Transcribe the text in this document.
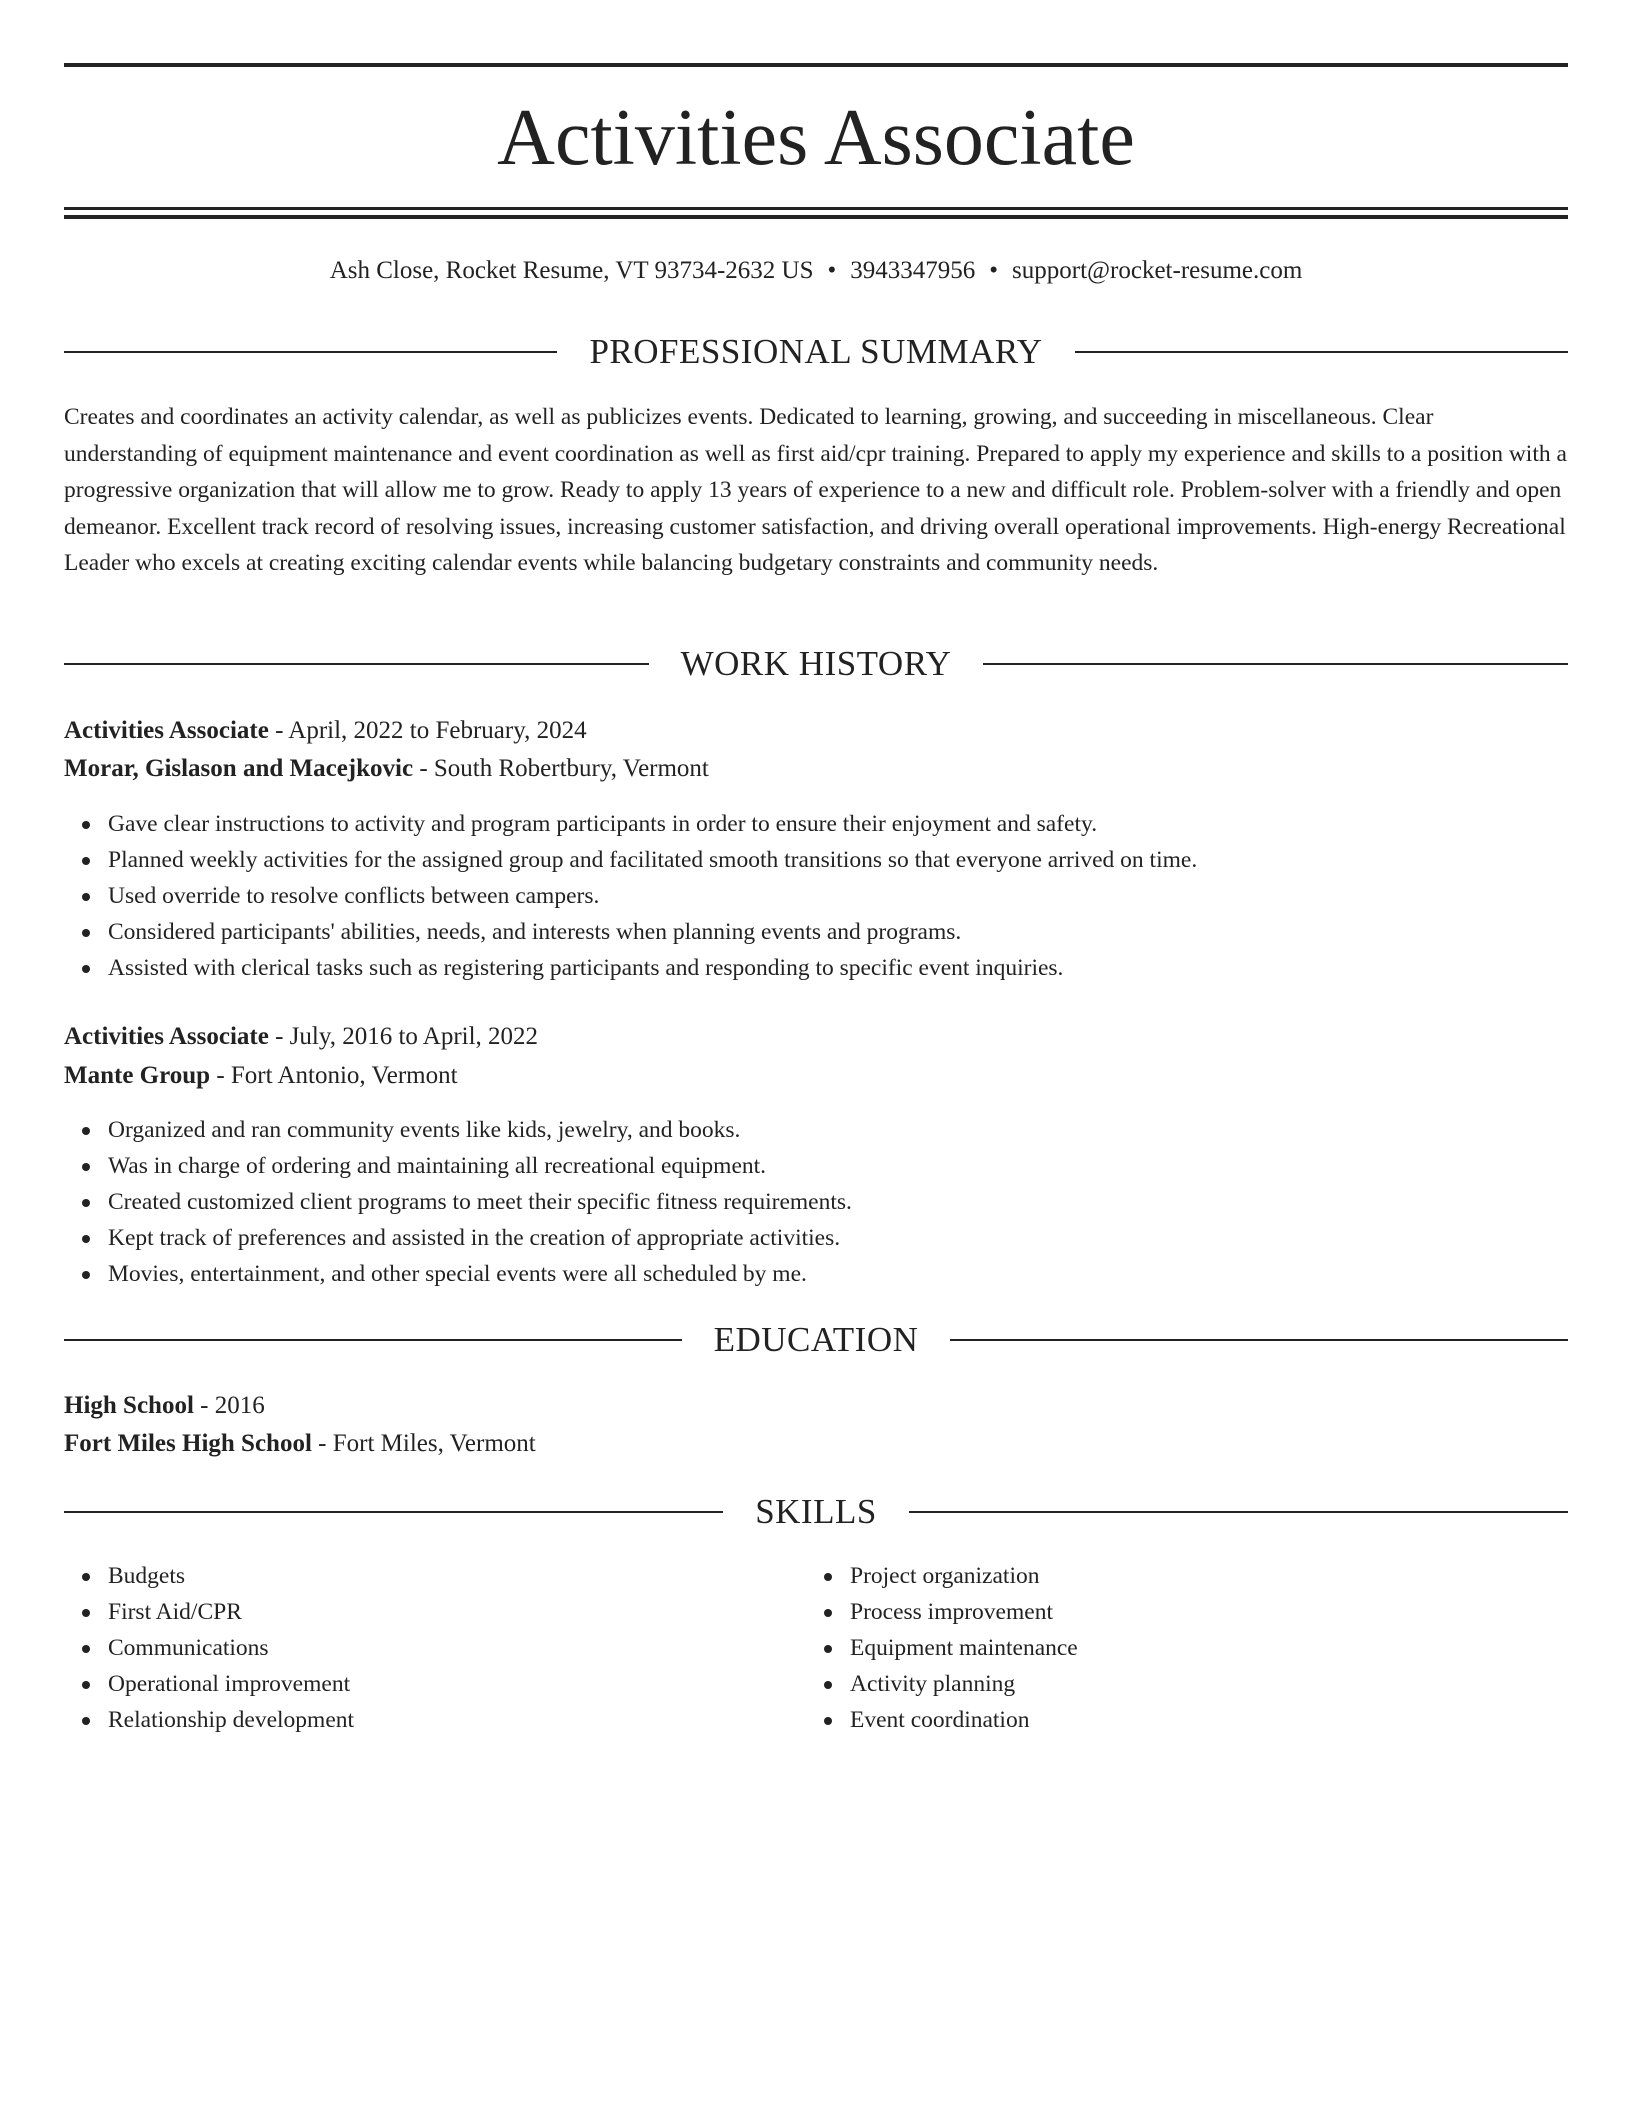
Activities Associate
Ash Close, Rocket Resume, VT 93734-2632 US • 3943347956 • support@rocket-resume.com
PROFESSIONAL SUMMARY

Creates and coordinates an activity calendar, as well as publicizes events. Dedicated to learning, growing, and succeeding in miscellaneous. Clear understanding of equipment maintenance and event coordination as well as first aid/cpr training. Prepared to apply my experience and skills to a position with a progressive organization that will allow me to grow. Ready to apply 13 years of experience to a new and difficult role. Problem-solver with a friendly and open demeanor. Excellent track record of resolving issues, increasing customer satisfaction, and driving overall operational improvements. High-energy Recreational Leader who excels at creating exciting calendar events while balancing budgetary constraints and community needs.

WORK HISTORY
Activities Associate - April, 2022 to February, 2024
Morar, Gislason and Macejkovic - South Robertbury, Vermont
Gave clear instructions to activity and program participants in order to ensure their enjoyment and safety.
Planned weekly activities for the assigned group and facilitated smooth transitions so that everyone arrived on time.
Used override to resolve conflicts between campers.
Considered participants' abilities, needs, and interests when planning events and programs.
Assisted with clerical tasks such as registering participants and responding to specific event inquiries.
Activities Associate - July, 2016 to April, 2022
Mante Group - Fort Antonio, Vermont
Organized and ran community events like kids, jewelry, and books.
Was in charge of ordering and maintaining all recreational equipment.
Created customized client programs to meet their specific fitness requirements.
Kept track of preferences and assisted in the creation of appropriate activities.
Movies, entertainment, and other special events were all scheduled by me.
EDUCATION
High School - 2016
Fort Miles High School - Fort Miles, Vermont
SKILLS
Budgets
First Aid/CPR
Communications
Operational improvement
Relationship development
Project organization
Process improvement
Equipment maintenance
Activity planning
Event coordination
